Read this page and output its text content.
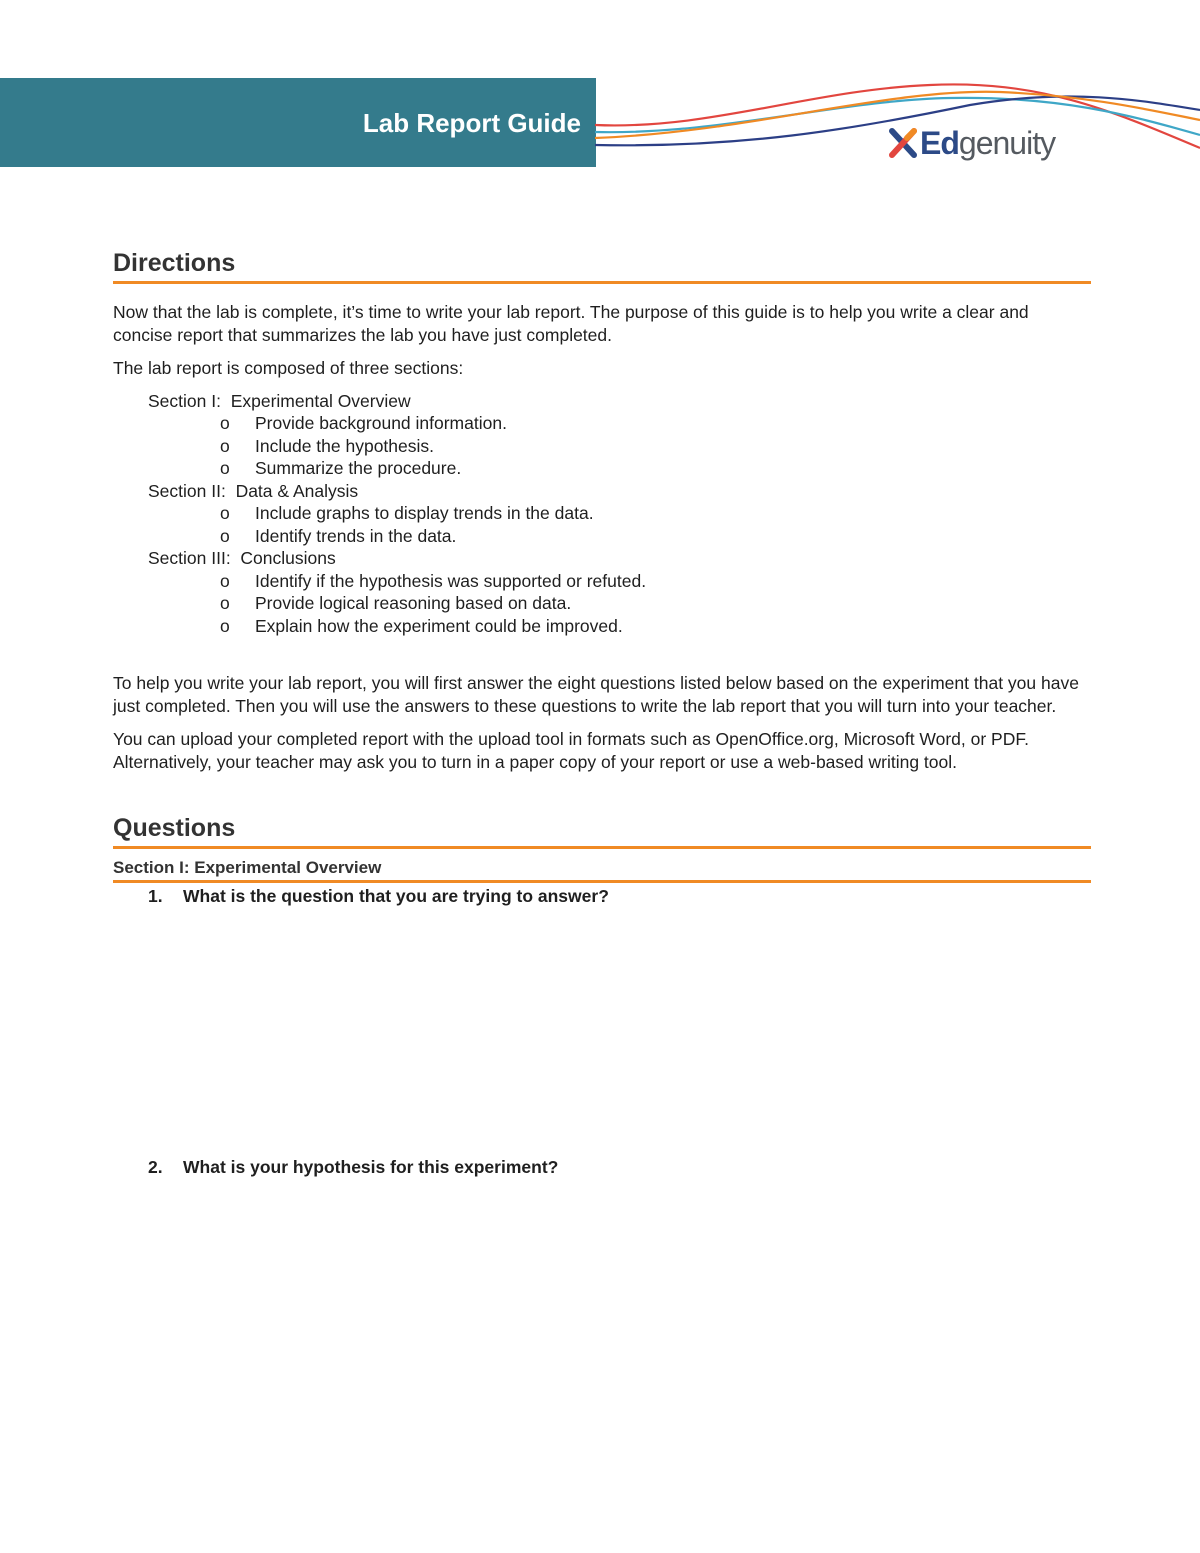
Lab Report Guide
Edgenuity
Directions

Now that the lab is complete, it’s time to write your lab report. The purpose of this guide is to help you write a clear and concise report that summarizes the lab you have just completed.

The lab report is composed of three sections:

Section I:  Experimental Overview
o	Provide background information.
o	Include the hypothesis.
o	Summarize the procedure.
Section II:  Data & Analysis
o	Include graphs to display trends in the data.
o	Identify trends in the data.
Section III:  Conclusions
o	Identify if the hypothesis was supported or refuted.
o	Provide logical reasoning based on data.
o	Explain how the experiment could be improved.

To help you write your lab report, you will first answer the eight questions listed below based on the experiment that you have just completed. Then you will use the answers to these questions to write the lab report that you will turn into your teacher.

You can upload your completed report with the upload tool in formats such as OpenOffice.org, Microsoft Word, or PDF. Alternatively, your teacher may ask you to turn in a paper copy of your report or use a web-based writing tool.

Questions
Section I: Experimental Overview
1.	What is the question that you are trying to answer?
2.	What is your hypothesis for this experiment?
